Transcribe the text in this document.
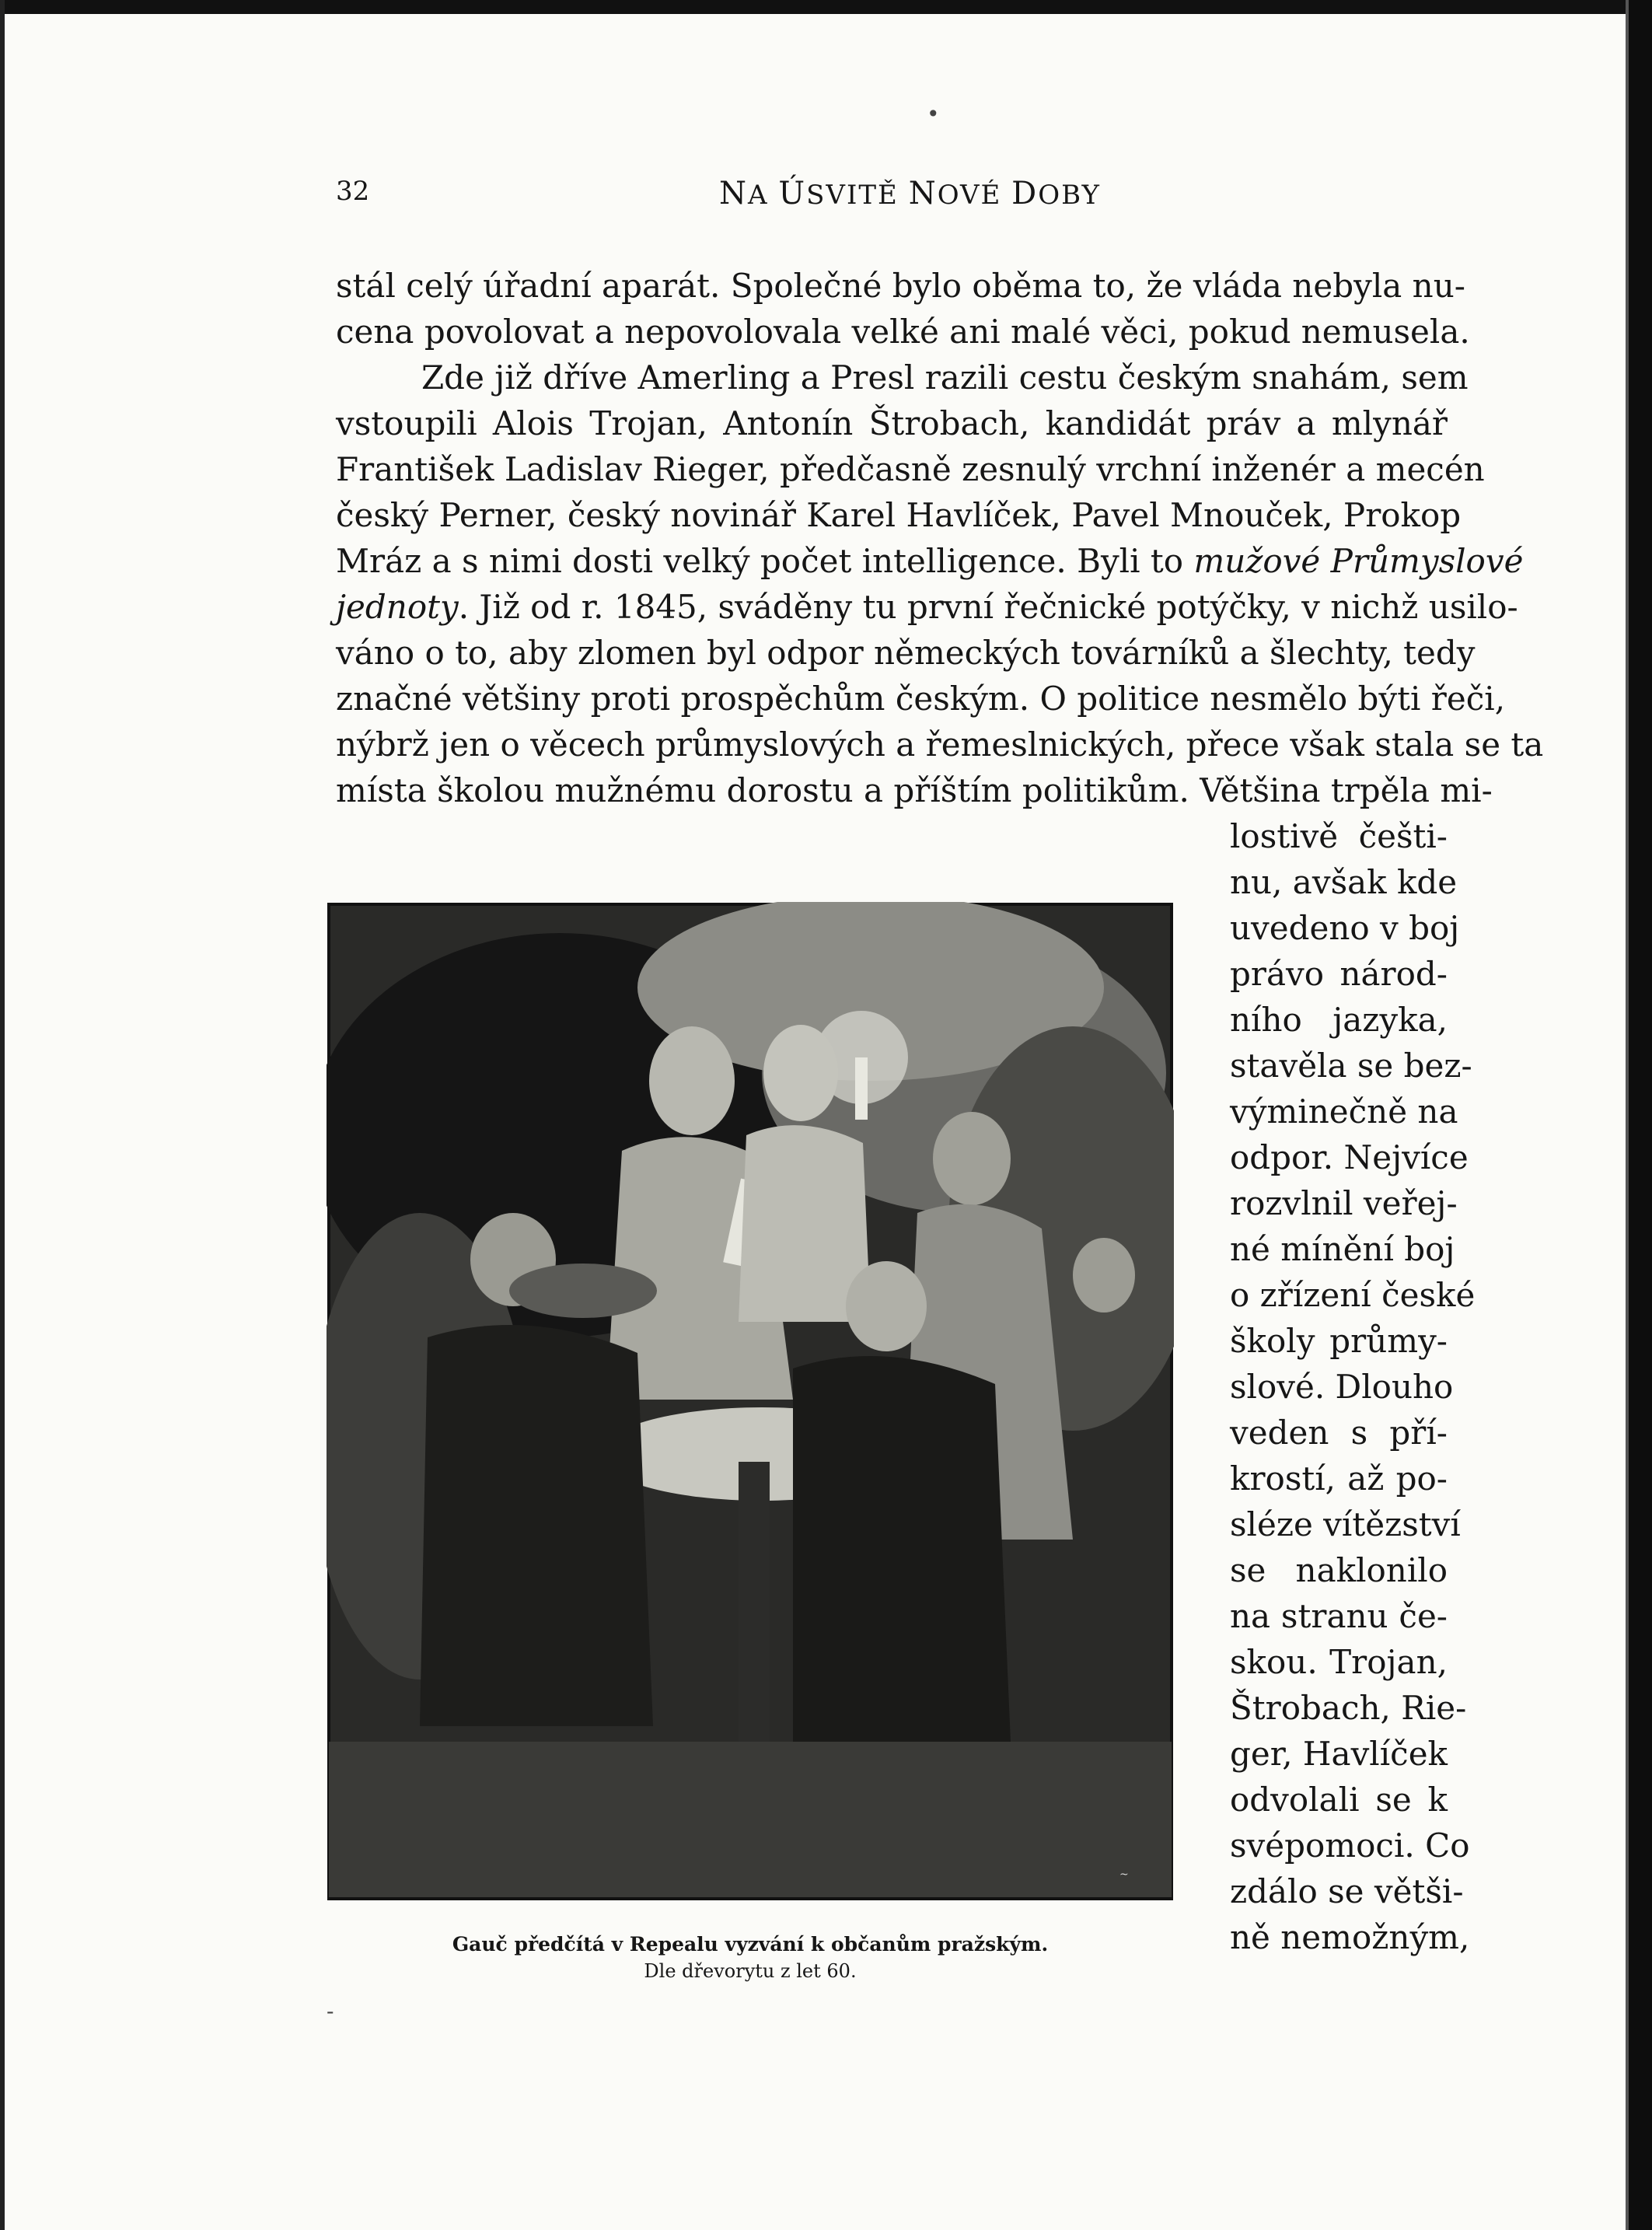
32	NA ÚSVITĚ NOVÉ DOBY
stál celý úřadní aparát. Společné bylo oběma to, že vláda nebyla nu-
cena povolovat a nepovolovala velké ani malé věci, pokud nemusela.
Zde již dříve Amerling a Presl razili cestu českým snahám, sem
vstoupili Alois Trojan, Antonín Štrobach, kandidát práv a mlynář
František Ladislav Rieger, předčasně zesnulý vrchní inženér a mecén
český Perner, český novinář Karel Havlíček, Pavel Mnouček, Prokop
Mráz a s nimi dosti velký počet intelligence. Byli to mužové Průmyslové
jednoty. Již od r. 1845, sváděny tu první řečnické potýčky, v nichž usilo-
váno o to, aby zlomen byl odpor německých továrníků a šlechty, tedy
značné většiny proti prospěchům českým. O politice nesmělo býti řeči,
nýbrž jen o věcech průmyslových a řemeslnických, přece však stala se ta
místa školou mužnému dorostu a příštím politikům. Většina trpěla mi-
lostivě češti-
nu, avšak kde
uvedeno v boj
právo národ-
ního jazyka,
stavěla se bez-
výminečně na
odpor. Nejvíce
rozvlnil veřej-
né mínění boj
o zřízení české
školy průmy-
slové. Dlouho
veden s pří-
krostí, až po-
sléze vítězství
se naklonilo
na stranu če-
skou. Trojan,
Štrobach, Rie-
ger, Havlíček
odvolali se k
svépomoci. Co
zdálo se větši-
ně nemožným,
~
Gauč předčítá v Repealu vyzvání k občanům pražským.
Dle dřevorytu z let 60.
•
-
